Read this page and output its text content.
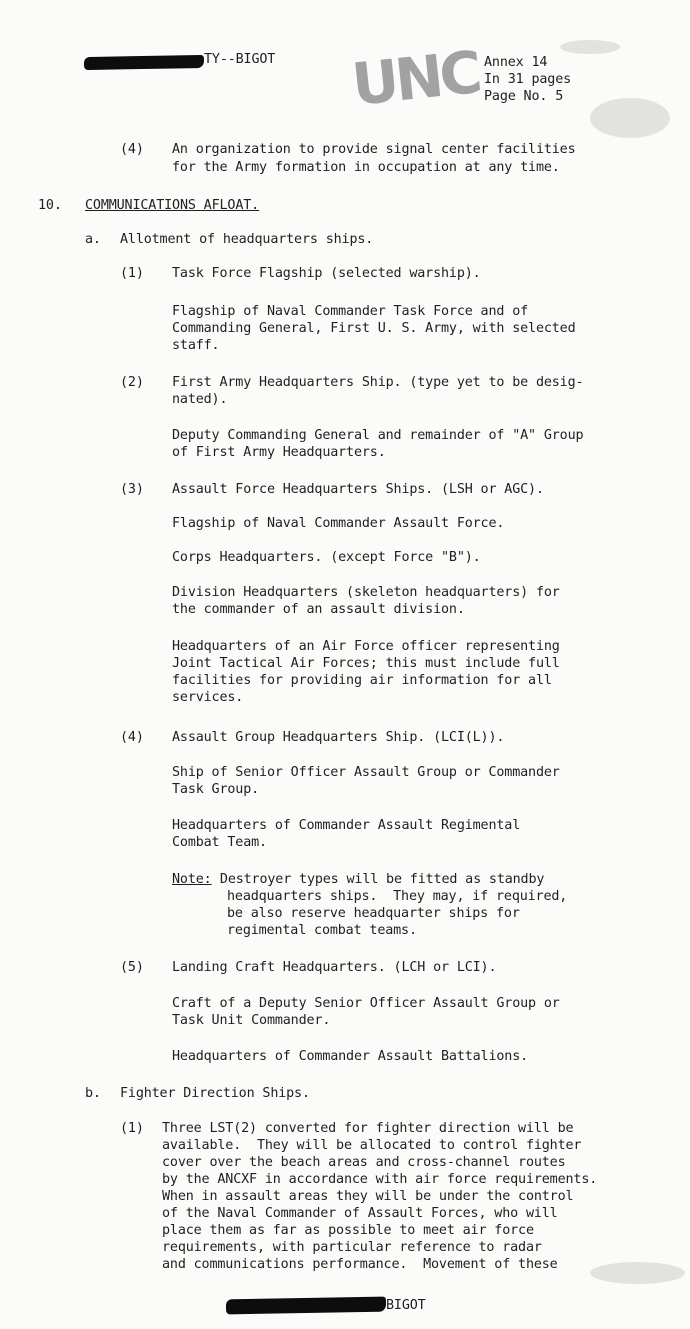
TY--BIGOT UNC Annex 14
In 31 pages
Page No. 5
(4) An organization to provide signal center facilities
for the Army formation in occupation at any time.
10. COMMUNICATIONS AFLOAT.
a. Allotment of headquarters ships.
(1) Task Force Flagship (selected warship).
Flagship of Naval Commander Task Force and of
Commanding General, First U. S. Army, with selected
staff.
(2) First Army Headquarters Ship. (type yet to be desig-
nated).
Deputy Commanding General and remainder of "A" Group
of First Army Headquarters.
(3) Assault Force Headquarters Ships. (LSH or AGC).
Flagship of Naval Commander Assault Force.
Corps Headquarters. (except Force "B").
Division Headquarters (skeleton headquarters) for
the commander of an assault division.
Headquarters of an Air Force officer representing
Joint Tactical Air Forces; this must include full
facilities for providing air information for all
services.
(4) Assault Group Headquarters Ship. (LCI(L)).
Ship of Senior Officer Assault Group or Commander
Task Group.
Headquarters of Commander Assault Regimental
Combat Team.
Note: Destroyer types will be fitted as standby
headquarters ships.  They may, if required,
be also reserve headquarter ships for
regimental combat teams.
(5) Landing Craft Headquarters. (LCH or LCI).
Craft of a Deputy Senior Officer Assault Group or
Task Unit Commander.
Headquarters of Commander Assault Battalions.
b. Fighter Direction Ships.
(1) Three LST(2) converted for fighter direction will be
available.  They will be allocated to control fighter
cover over the beach areas and cross-channel routes
by the ANCXF in accordance with air force requirements.
When in assault areas they will be under the control
of the Naval Commander of Assault Forces, who will
place them as far as possible to meet air force
requirements, with particular reference to radar
and communications performance.  Movement of these
BIGOT
